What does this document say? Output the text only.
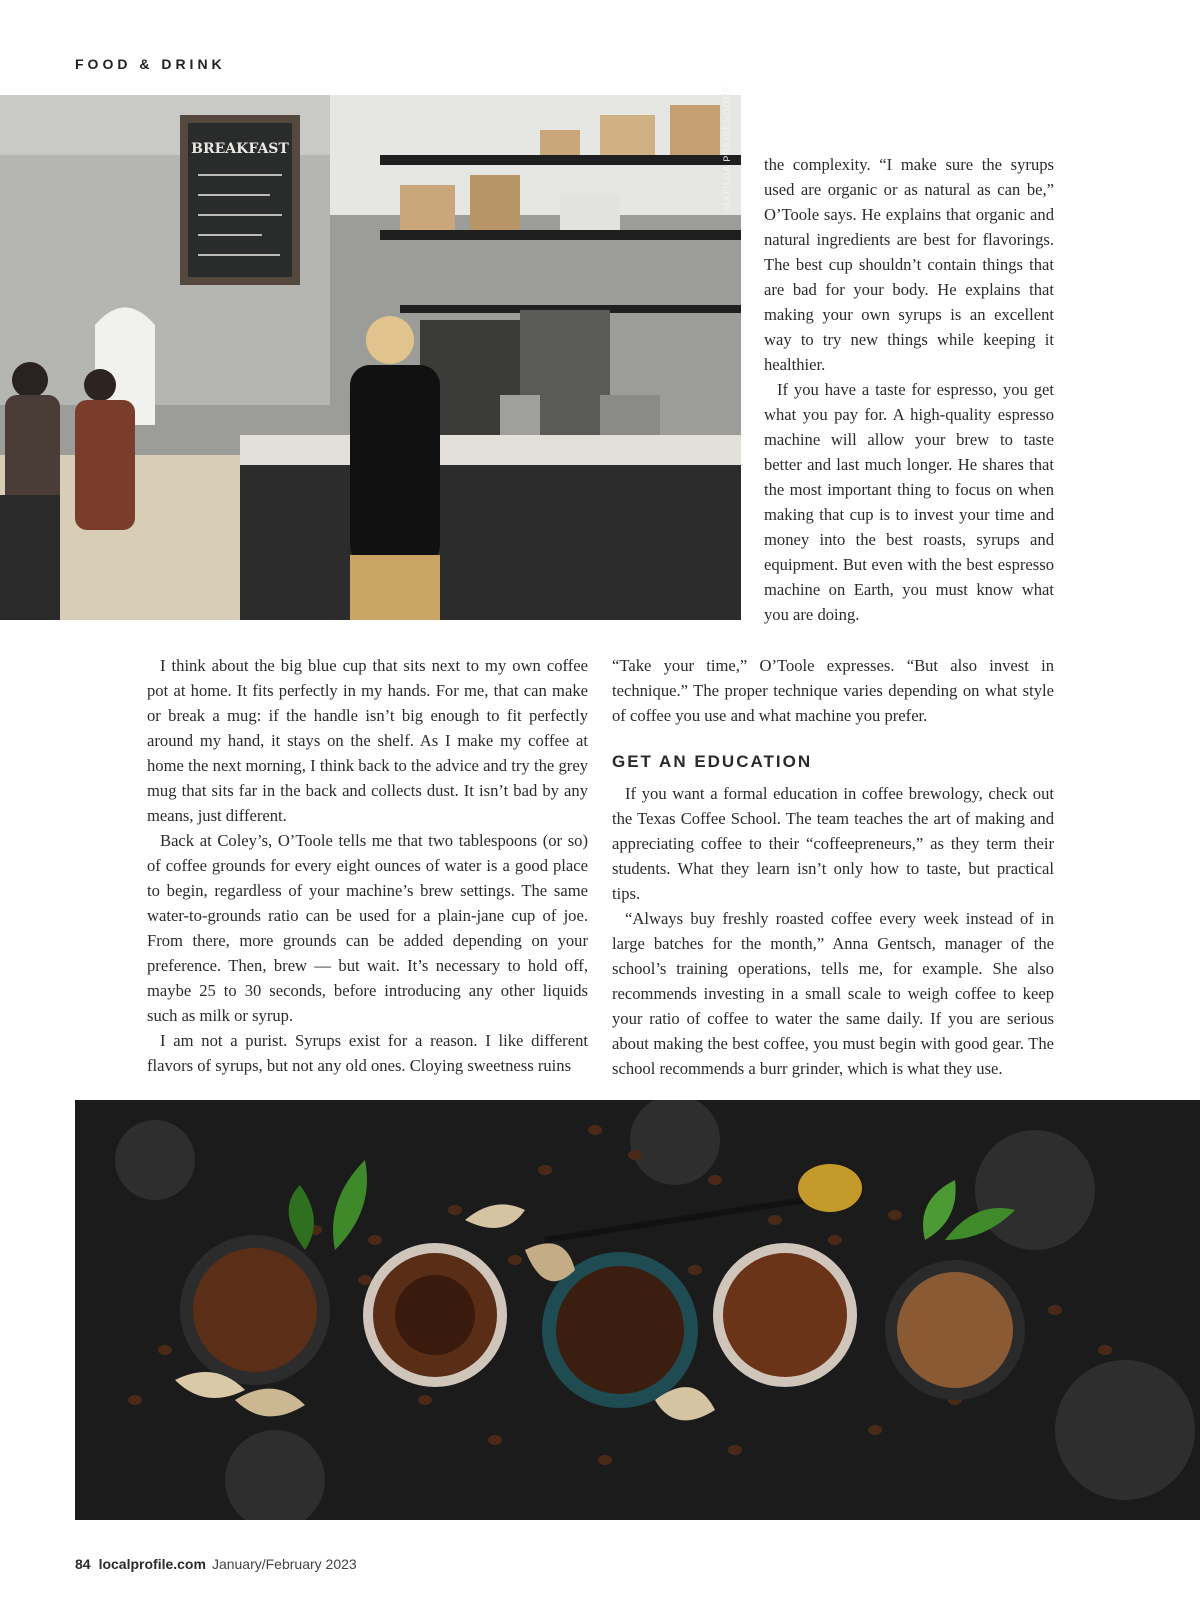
FOOD & DRINK
BREAKFAST	MATILDA PREISENDORF	the complexity. “I make sure the syrups used are organic or as natural as can be,” O’Toole says. He explains that organic and natural ingredients are best for flavorings. The best cup shouldn’t contain things that are bad for your body. He explains that making your own syrups is an excellent way to try new things while keeping it healthier.

If you have a taste for espresso, you get what you pay for. A high-quality espresso machine will allow your brew to taste better and last much longer. He shares that the most important thing to focus on when making that cup is to invest your time and money into the best roasts, syrups and equipment. But even with the best espresso machine on Earth, you must know what you are doing.

I think about the big blue cup that sits next to my own coffee pot at home. It fits perfectly in my hands. For me, that can make or break a mug: if the handle isn’t big enough to fit perfectly around my hand, it stays on the shelf. As I make my coffee at home the next morning, I think back to the advice and try the grey mug that sits far in the back and collects dust. It isn’t bad by any means, just different.

Back at Coley’s, O’Toole tells me that two tablespoons (or so) of coffee grounds for every eight ounces of water is a good place to begin, regardless of your machine’s brew settings. The same water-to-grounds ratio can be used for a plain-jane cup of joe. From there, more grounds can be added depending on your preference. Then, brew — but wait. It’s necessary to hold off, maybe 25 to 30 seconds, before introducing any other liquids such as milk or syrup.

I am not a purist. Syrups exist for a reason. I like different flavors of syrups, but not any old ones. Cloying sweetness ruins

“Take your time,” O’Toole expresses. “But also invest in technique.” The proper technique varies depending on what style of coffee you use and what machine you prefer.

GET AN EDUCATION

If you want a formal education in coffee brewology, check out the Texas Coffee School. The team teaches the art of making and appreciating coffee to their “coffeepreneurs,” as they term their students. What they learn isn’t only how to taste, but practical tips.

“Always buy freshly roasted coffee every week instead of in large batches for the month,” Anna Gentsch, manager of the school’s training operations, tells me, for example. She also recommends investing in a small scale to weigh coffee to keep your ratio of coffee to water the same daily. If you are serious about making the best coffee, you must begin with good gear. The school recommends a burr grinder, which is what they use.

84 localprofile.com January/February 2023
